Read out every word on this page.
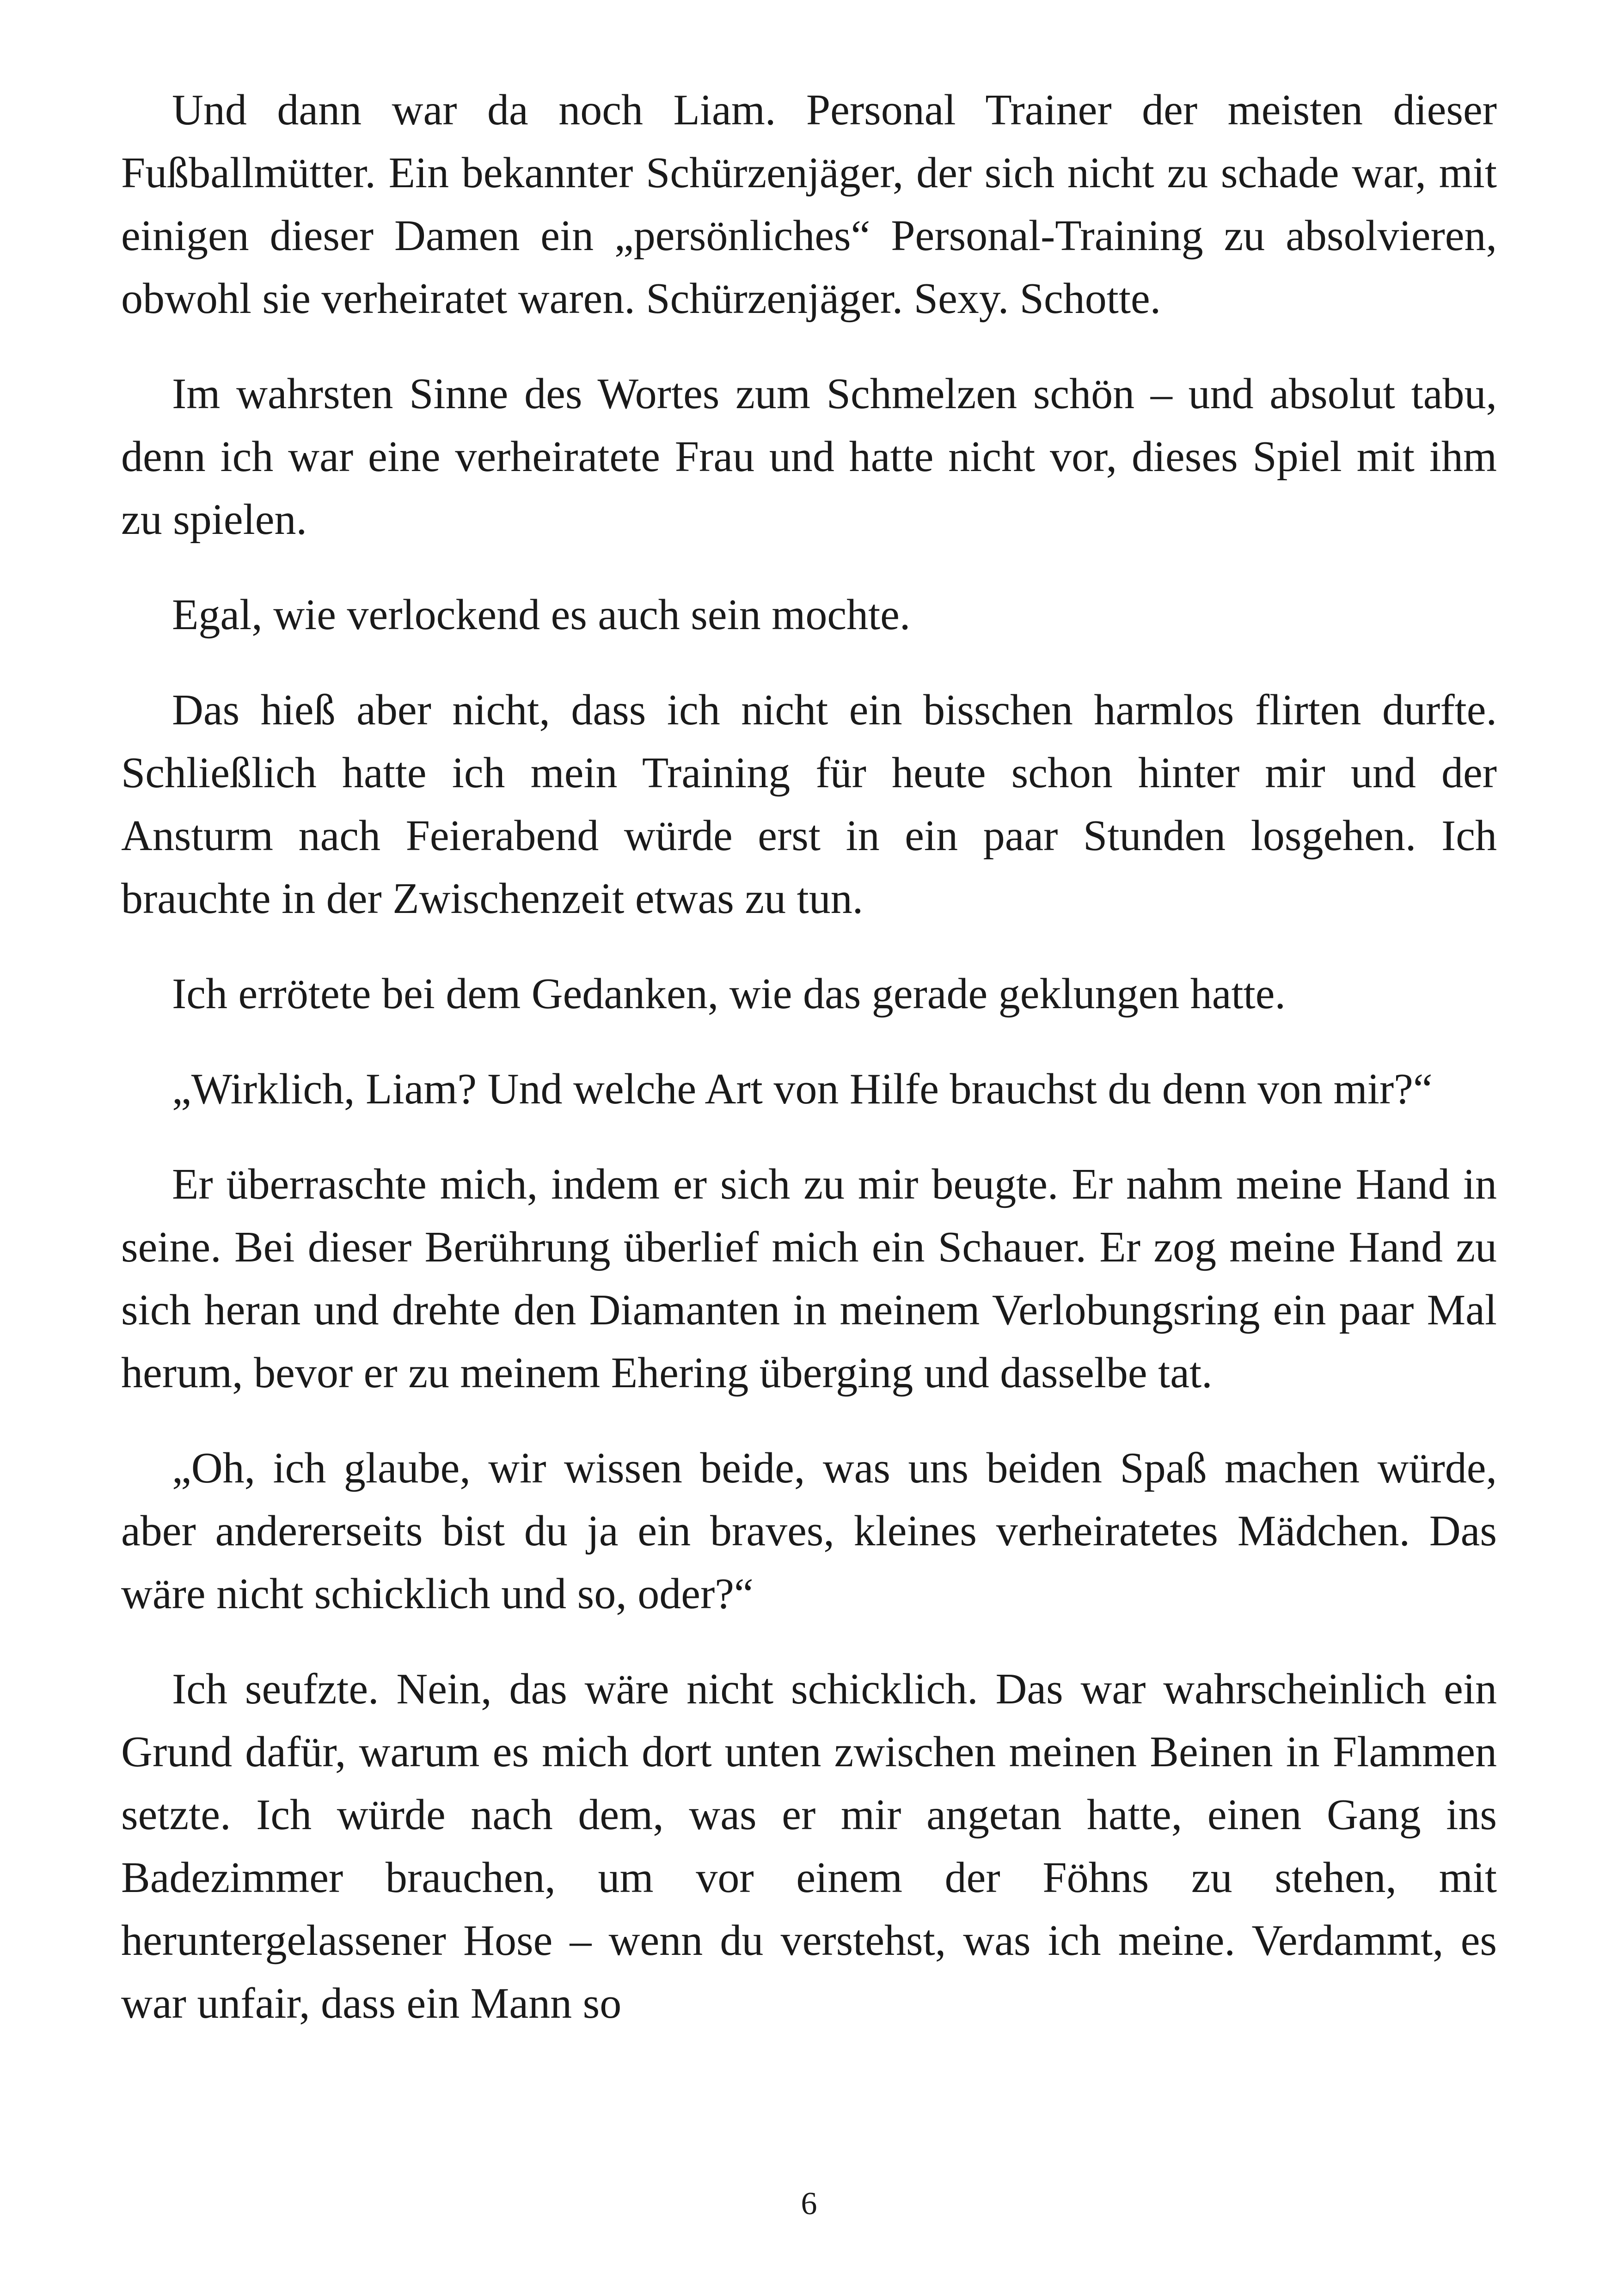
Und dann war da noch Liam. Personal Trainer der meisten dieser Fußballmütter. Ein bekannter Schürzenjäger, der sich nicht zu schade war, mit einigen dieser Damen ein „persönliches“ Personal-Training zu absolvieren, obwohl sie verheiratet waren. Schürzenjäger. Sexy. Schotte.

Im wahrsten Sinne des Wortes zum Schmelzen schön – und absolut tabu, denn ich war eine verheiratete Frau und hatte nicht vor, dieses Spiel mit ihm zu spielen.

Egal, wie verlockend es auch sein mochte.

Das hieß aber nicht, dass ich nicht ein bisschen harmlos flirten durfte. Schließlich hatte ich mein Training für heute schon hinter mir und der Ansturm nach Feierabend würde erst in ein paar Stunden losgehen. Ich brauchte in der Zwischenzeit etwas zu tun.

Ich errötete bei dem Gedanken, wie das gerade geklungen hatte.

„Wirklich, Liam? Und welche Art von Hilfe brauchst du denn von mir?“

Er überraschte mich, indem er sich zu mir beugte. Er nahm meine Hand in seine. Bei dieser Berührung überlief mich ein Schauer. Er zog meine Hand zu sich heran und drehte den Diamanten in meinem Verlobungsring ein paar Mal herum, bevor er zu meinem Ehering überging und dasselbe tat.

„Oh, ich glaube, wir wissen beide, was uns beiden Spaß machen würde, aber andererseits bist du ja ein braves, kleines verheiratetes Mädchen. Das wäre nicht schicklich und so, oder?“

Ich seufzte. Nein, das wäre nicht schicklich. Das war wahrscheinlich ein Grund dafür, warum es mich dort unten zwischen meinen Beinen in Flammen setzte. Ich würde nach dem, was er mir angetan hatte, einen Gang ins Badezimmer brauchen, um vor einem der Föhns zu stehen, mit heruntergelassener Hose – wenn du verstehst, was ich meine. Verdammt, es war unfair, dass ein Mann so

6
